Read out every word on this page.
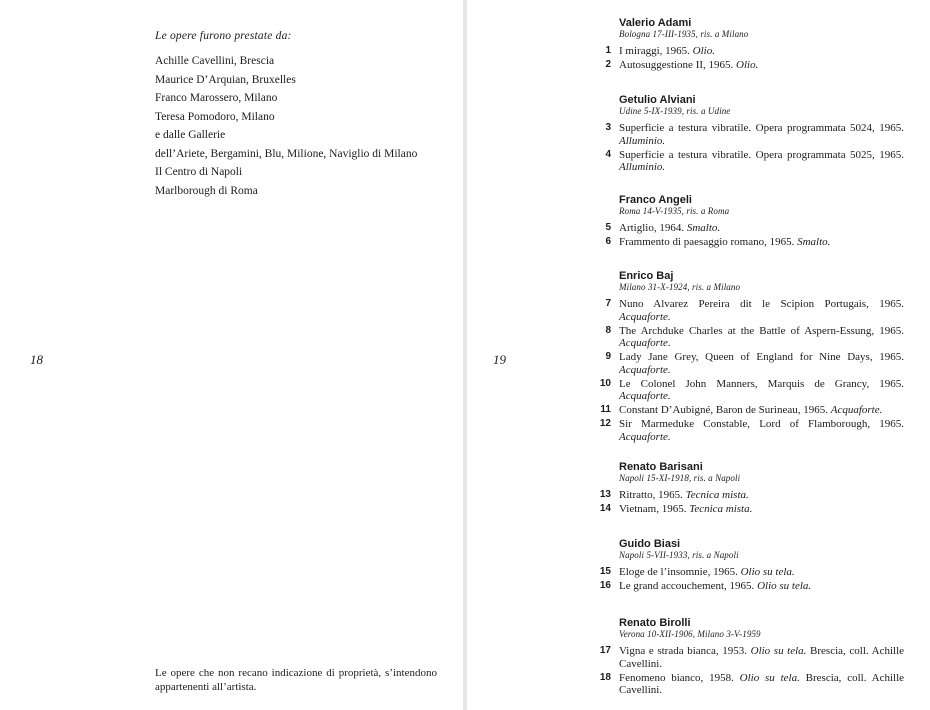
Le opere furono prestate da:
Achille Cavellini, Brescia
Maurice D’Arquian, Bruxelles
Franco Marossero, Milano
Teresa Pomodoro, Milano
e dalle Gallerie
dell’Ariete, Bergamini, Blu, Milione, Naviglio di Milano
Il Centro di Napoli
Marlborough di Roma
18
Le opere che non recano indicazione di proprietà, s’intendono appartenenti all’artista.
19
Valerio Adami
Bologna 17-III-1935, ris. a Milano
1 I miraggi, 1965. Olio.
2 Autosuggestione II, 1965. Olio.
Getulio Alviani
Udine 5-IX-1939, ris. a Udine
3 Superficie a testura vibratile. Opera programmata 5024, 1965. Alluminio.
4 Superficie a testura vibratile. Opera programmata 5025, 1965. Alluminio.
Franco Angeli
Roma 14-V-1935, ris. a Roma
5 Artiglio, 1964. Smalto.
6 Frammento di paesaggio romano, 1965. Smalto.
Enrico Baj
Milano 31-X-1924, ris. a Milano
7 Nuno Alvarez Pereira dit le Scipion Portugais, 1965. Acquaforte.
8 The Archduke Charles at the Battle of Aspern-Essung, 1965. Acquaforte.
9 Lady Jane Grey, Queen of England for Nine Days, 1965. Acquaforte.
10 Le Colonel John Manners, Marquis de Grancy, 1965. Acquaforte.
11 Constant D’Aubigné, Baron de Surineau, 1965. Acquaforte.
12 Sir Marmeduke Constable, Lord of Flamborough, 1965. Acquaforte.
Renato Barisani
Napoli 15-XI-1918, ris. a Napoli
13 Ritratto, 1965. Tecnica mista.
14 Vietnam, 1965. Tecnica mista.
Guido Biasi
Napoli 5-VII-1933, ris. a Napoli
15 Eloge de l’insomnie, 1965. Olio su tela.
16 Le grand accouchement, 1965. Olio su tela.
Renato Birolli
Verona 10-XII-1906, Milano 3-V-1959
17 Vigna e strada bianca, 1953. Olio su tela. Brescia, coll. Achille Cavellini.
18 Fenomeno bianco, 1958. Olio su tela. Brescia, coll. Achille Cavellini.
